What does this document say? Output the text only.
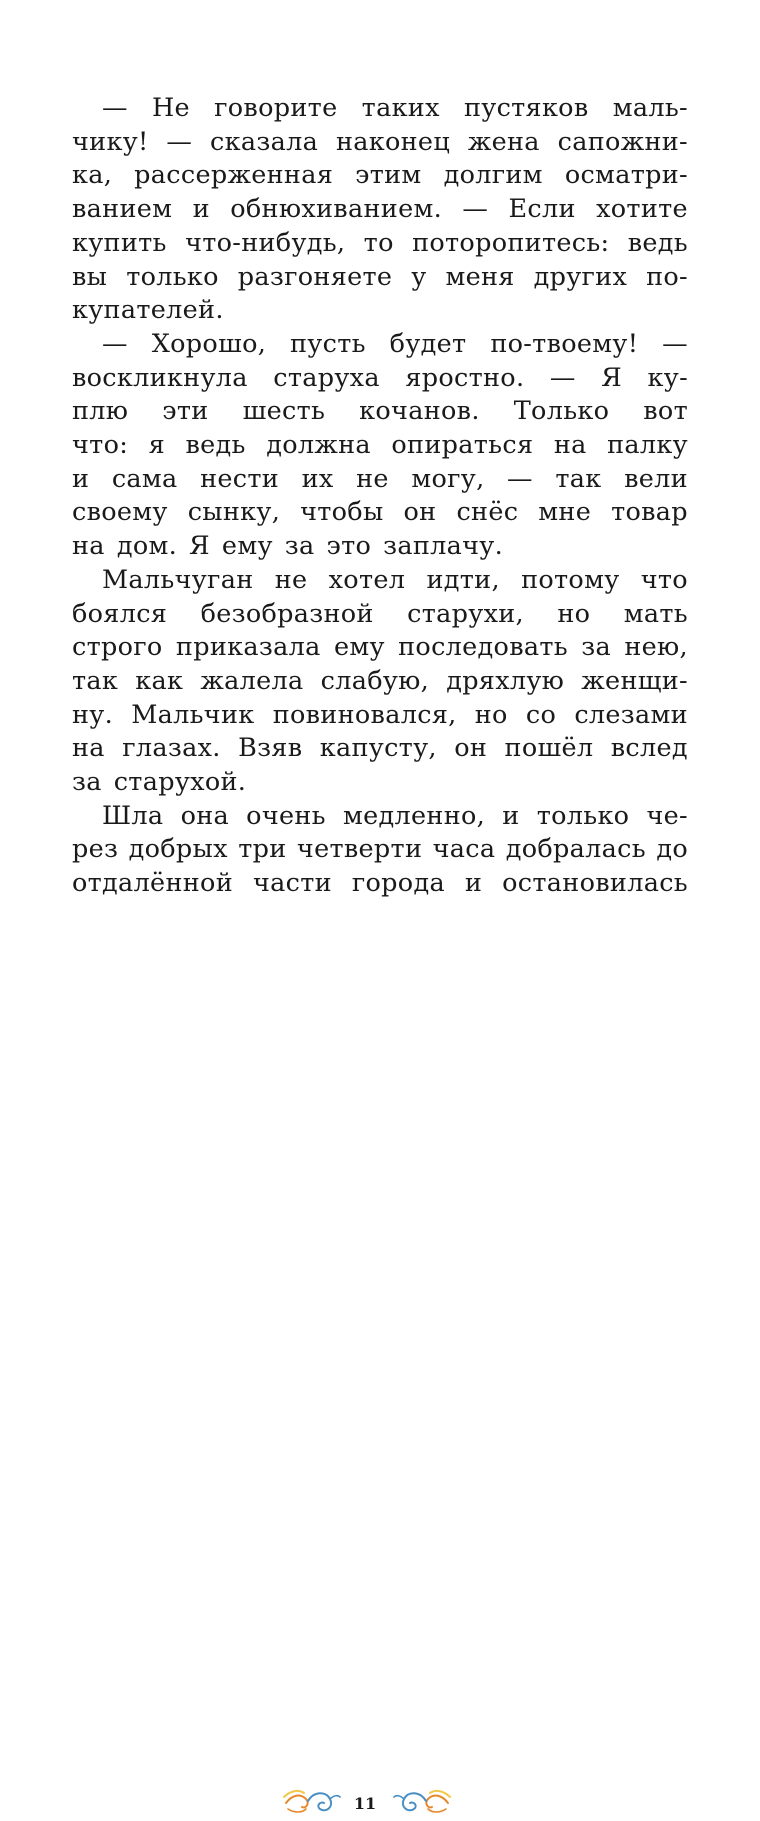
— Не говорите таких пустяков маль-
чику! — сказала наконец жена сапожни-
ка, рассерженная этим долгим осматри-
ванием и обнюхиванием. — Если хотите
купить что-нибудь, то поторопитесь: ведь
вы только разгоняете у меня других по-
купателей.
— Хорошо, пусть будет по-твоему! —
воскликнула старуха яростно. — Я ку-
плю эти шесть кочанов. Только вот
что: я ведь должна опираться на палку
и сама нести их не могу, — так вели
своему сынку, чтобы он снёс мне товар
на дом. Я ему за это заплачу.
Мальчуган не хотел идти, потому что
боялся безобразной старухи, но мать
строго приказала ему последовать за нею,
так как жалела слабую, дряхлую женщи-
ну. Мальчик повиновался, но со слезами
на глазах. Взяв капусту, он пошёл вслед
за старухой.
Шла она очень медленно, и только че-
рез добрых три четверти часа добралась до
отдалённой части города и остановилась
11
